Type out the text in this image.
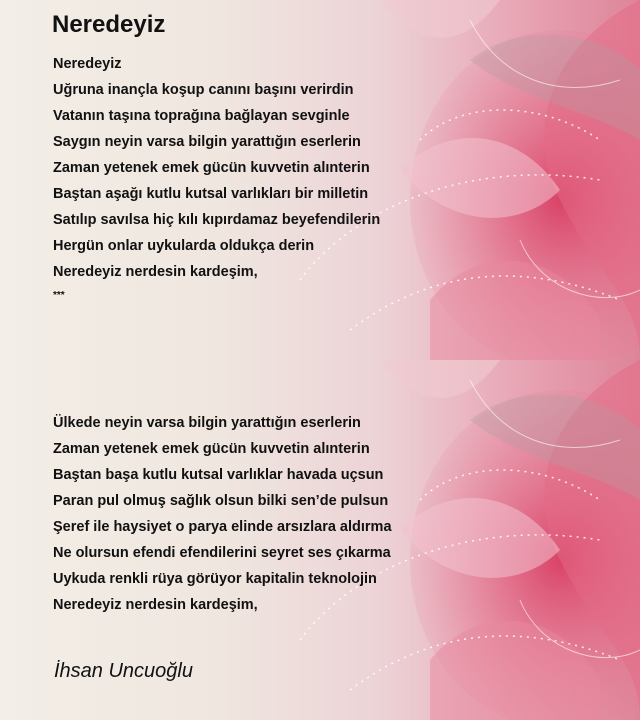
Neredeyiz
Neredeyiz
Uğruna inançla koşup canını başını verirdin
Vatanın taşına toprağına bağlayan sevginle
Saygın neyin varsa bilgin yarattığın eserlerin
Zaman yetenek emek gücün kuvvetin alınterin
Baştan aşağı kutlu kutsal varlıkları bir milletin
Satılıp savılsa hiç kılı kıpırdamaz beyefendilerin
Hergün onlar uykularda oldukça derin
Neredeyiz nerdesin kardeşim,
***
Ülkede neyin varsa bilgin yarattığın eserlerin
Zaman yetenek emek gücün kuvvetin alınterin
Baştan başa kutlu kutsal varlıklar havada uçsun
Paran pul olmuş sağlık olsun bilki sen’de pulsun
Şeref ile haysiyet o parya elinde arsızlara aldırma
Ne olursun efendi efendilerini seyret ses çıkarma
Uykuda renkli rüya görüyor kapitalin teknolojin
Neredeyiz nerdesin kardeşim,
İhsan Uncuoğlu
